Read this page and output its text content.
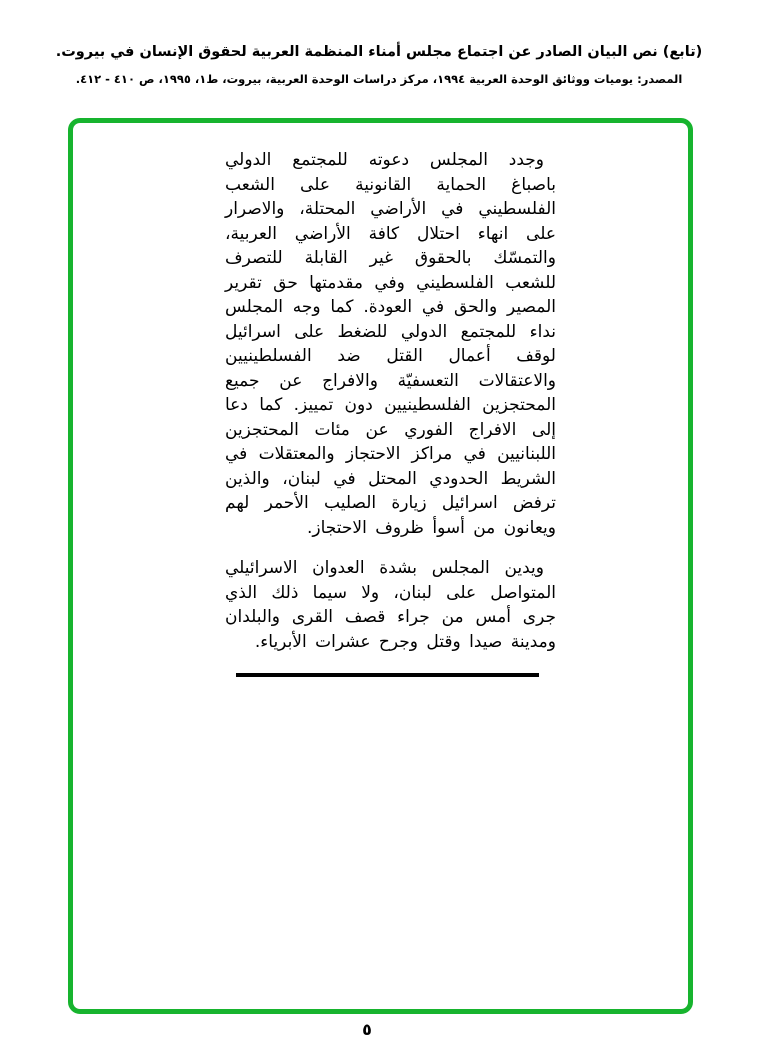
(تابع) نص البيان الصادر عن اجتماع مجلس أمناء المنظمة العربية لحقوق الإنسان في بيروت.
المصدر: يوميات ووثائق الوحدة العربية ١٩٩٤، مركز دراسات الوحدة العربية، بيروت، ط١، ١٩٩٥، ص ٤١٠ - ٤١٢.

وجدد المجلس دعوته للمجتمع الدولي باصباغ الحماية القانونية على الشعب الفلسطيني في الأراضي المحتلة، والاصرار على انهاء احتلال كافة الأراضي العربية، والتمسّك بالحقوق غير القابلة للتصرف للشعب الفلسطيني وفي مقدمتها حق تقرير المصير والحق في العودة. كما وجه المجلس نداء للمجتمع الدولي للضغط على اسرائيل لوقف أعمال القتل ضد الفسلطينيين والاعتقالات التعسفيّة والافراج عن جميع المحتجزين الفلسطينيين دون تمييز. كما دعا إلى الافراج الفوري عن مئات المحتجزين اللبنانيين في مراكز الاحتجاز والمعتقلات في الشريط الحدودي المحتل في لبنان، والذين ترفض اسرائيل زيارة الصليب الأحمر لهم ويعانون من أسوأ ظروف الاحتجاز.

ويدين المجلس بشدة العدوان الاسرائيلي المتواصل على لبنان، ولا سيما ذلك الذي جرى أمس من جراء قصف القرى والبلدان ومدينة صيدا وقتل وجرح عشرات الأبرياء.

٥
